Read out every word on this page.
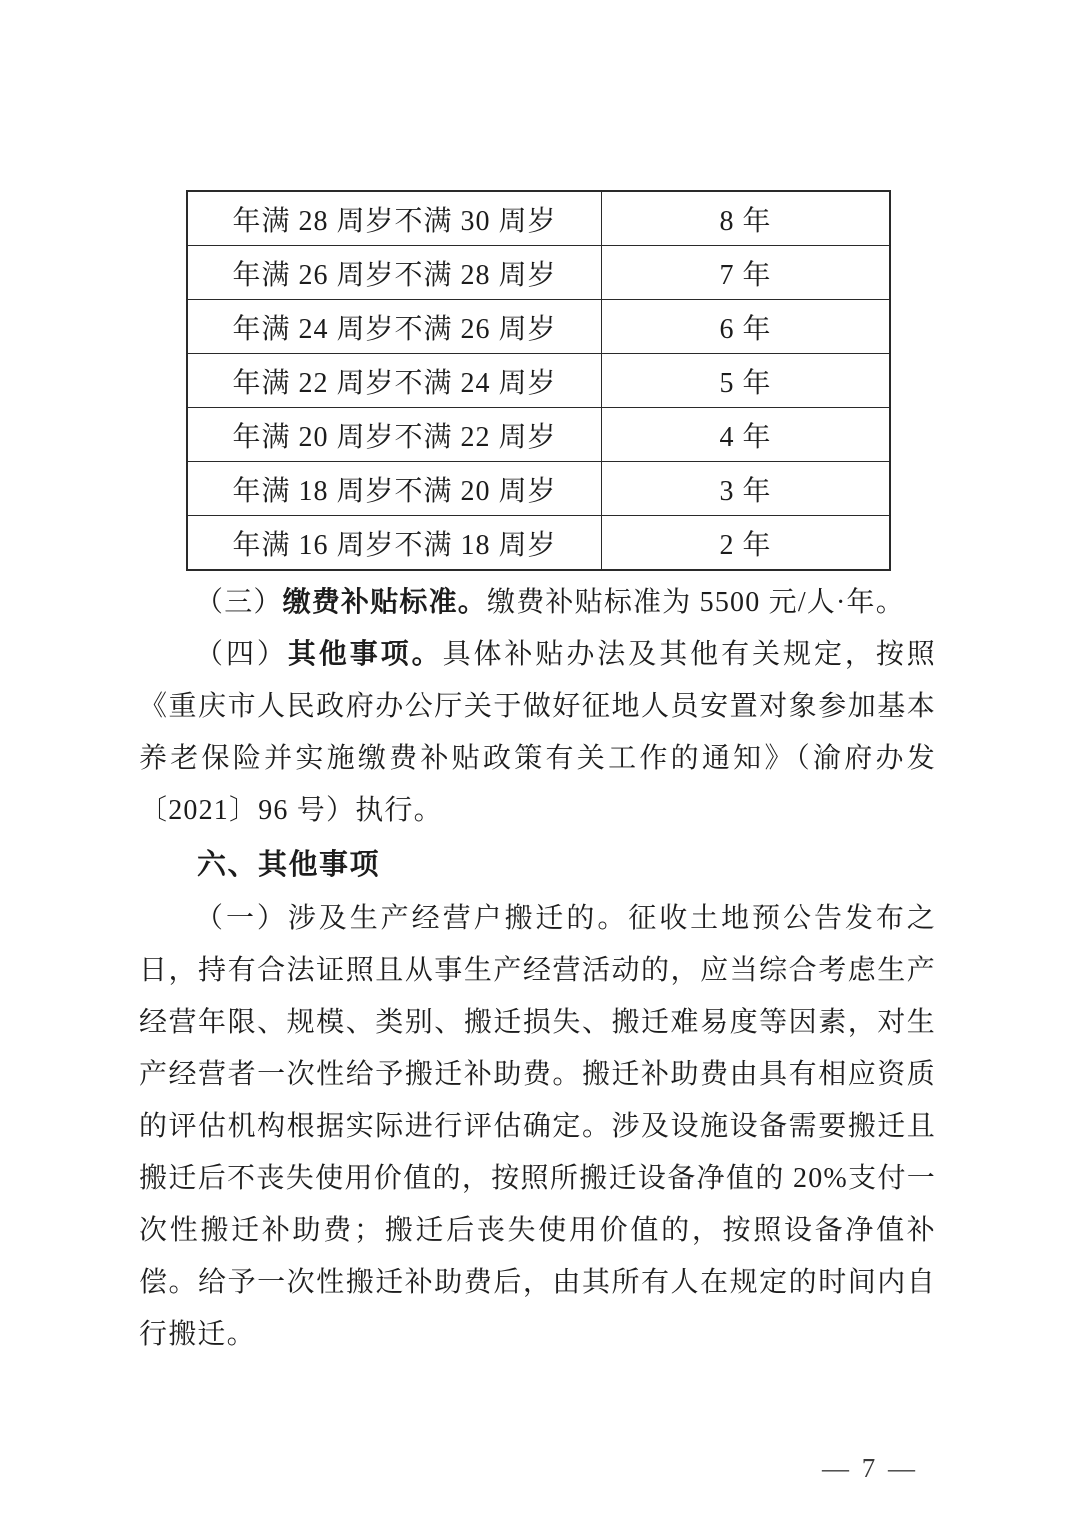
年满 28 周岁不满 30 周岁	8 年
年满 26 周岁不满 28 周岁	7 年
年满 24 周岁不满 26 周岁	6 年
年满 22 周岁不满 24 周岁	5 年
年满 20 周岁不满 22 周岁	4 年
年满 18 周岁不满 20 周岁	3 年
年满 16 周岁不满 18 周岁	2 年

（三）缴费补贴标准。缴费补贴标准为 5500 元/人·年。

（四）其他事项。具体补贴办法及其他有关规定，按照《重庆市人民政府办公厅关于做好征地人员安置对象参加基本养老保险并实施缴费补贴政策有关工作的通知》（渝府办发〔2021〕96 号）执行。

六、其他事项

（一）涉及生产经营户搬迁的。征收土地预公告发布之日，持有合法证照且从事生产经营活动的，应当综合考虑生产经营年限、规模、类别、搬迁损失、搬迁难易度等因素，对生产经营者一次性给予搬迁补助费。搬迁补助费由具有相应资质的评估机构根据实际进行评估确定。涉及设施设备需要搬迁且搬迁后不丧失使用价值的，按照所搬迁设备净值的 20%支付一次性搬迁补助费；搬迁后丧失使用价值的，按照设备净值补偿。给予一次性搬迁补助费后，由其所有人在规定的时间内自行搬迁。

— 7 —
